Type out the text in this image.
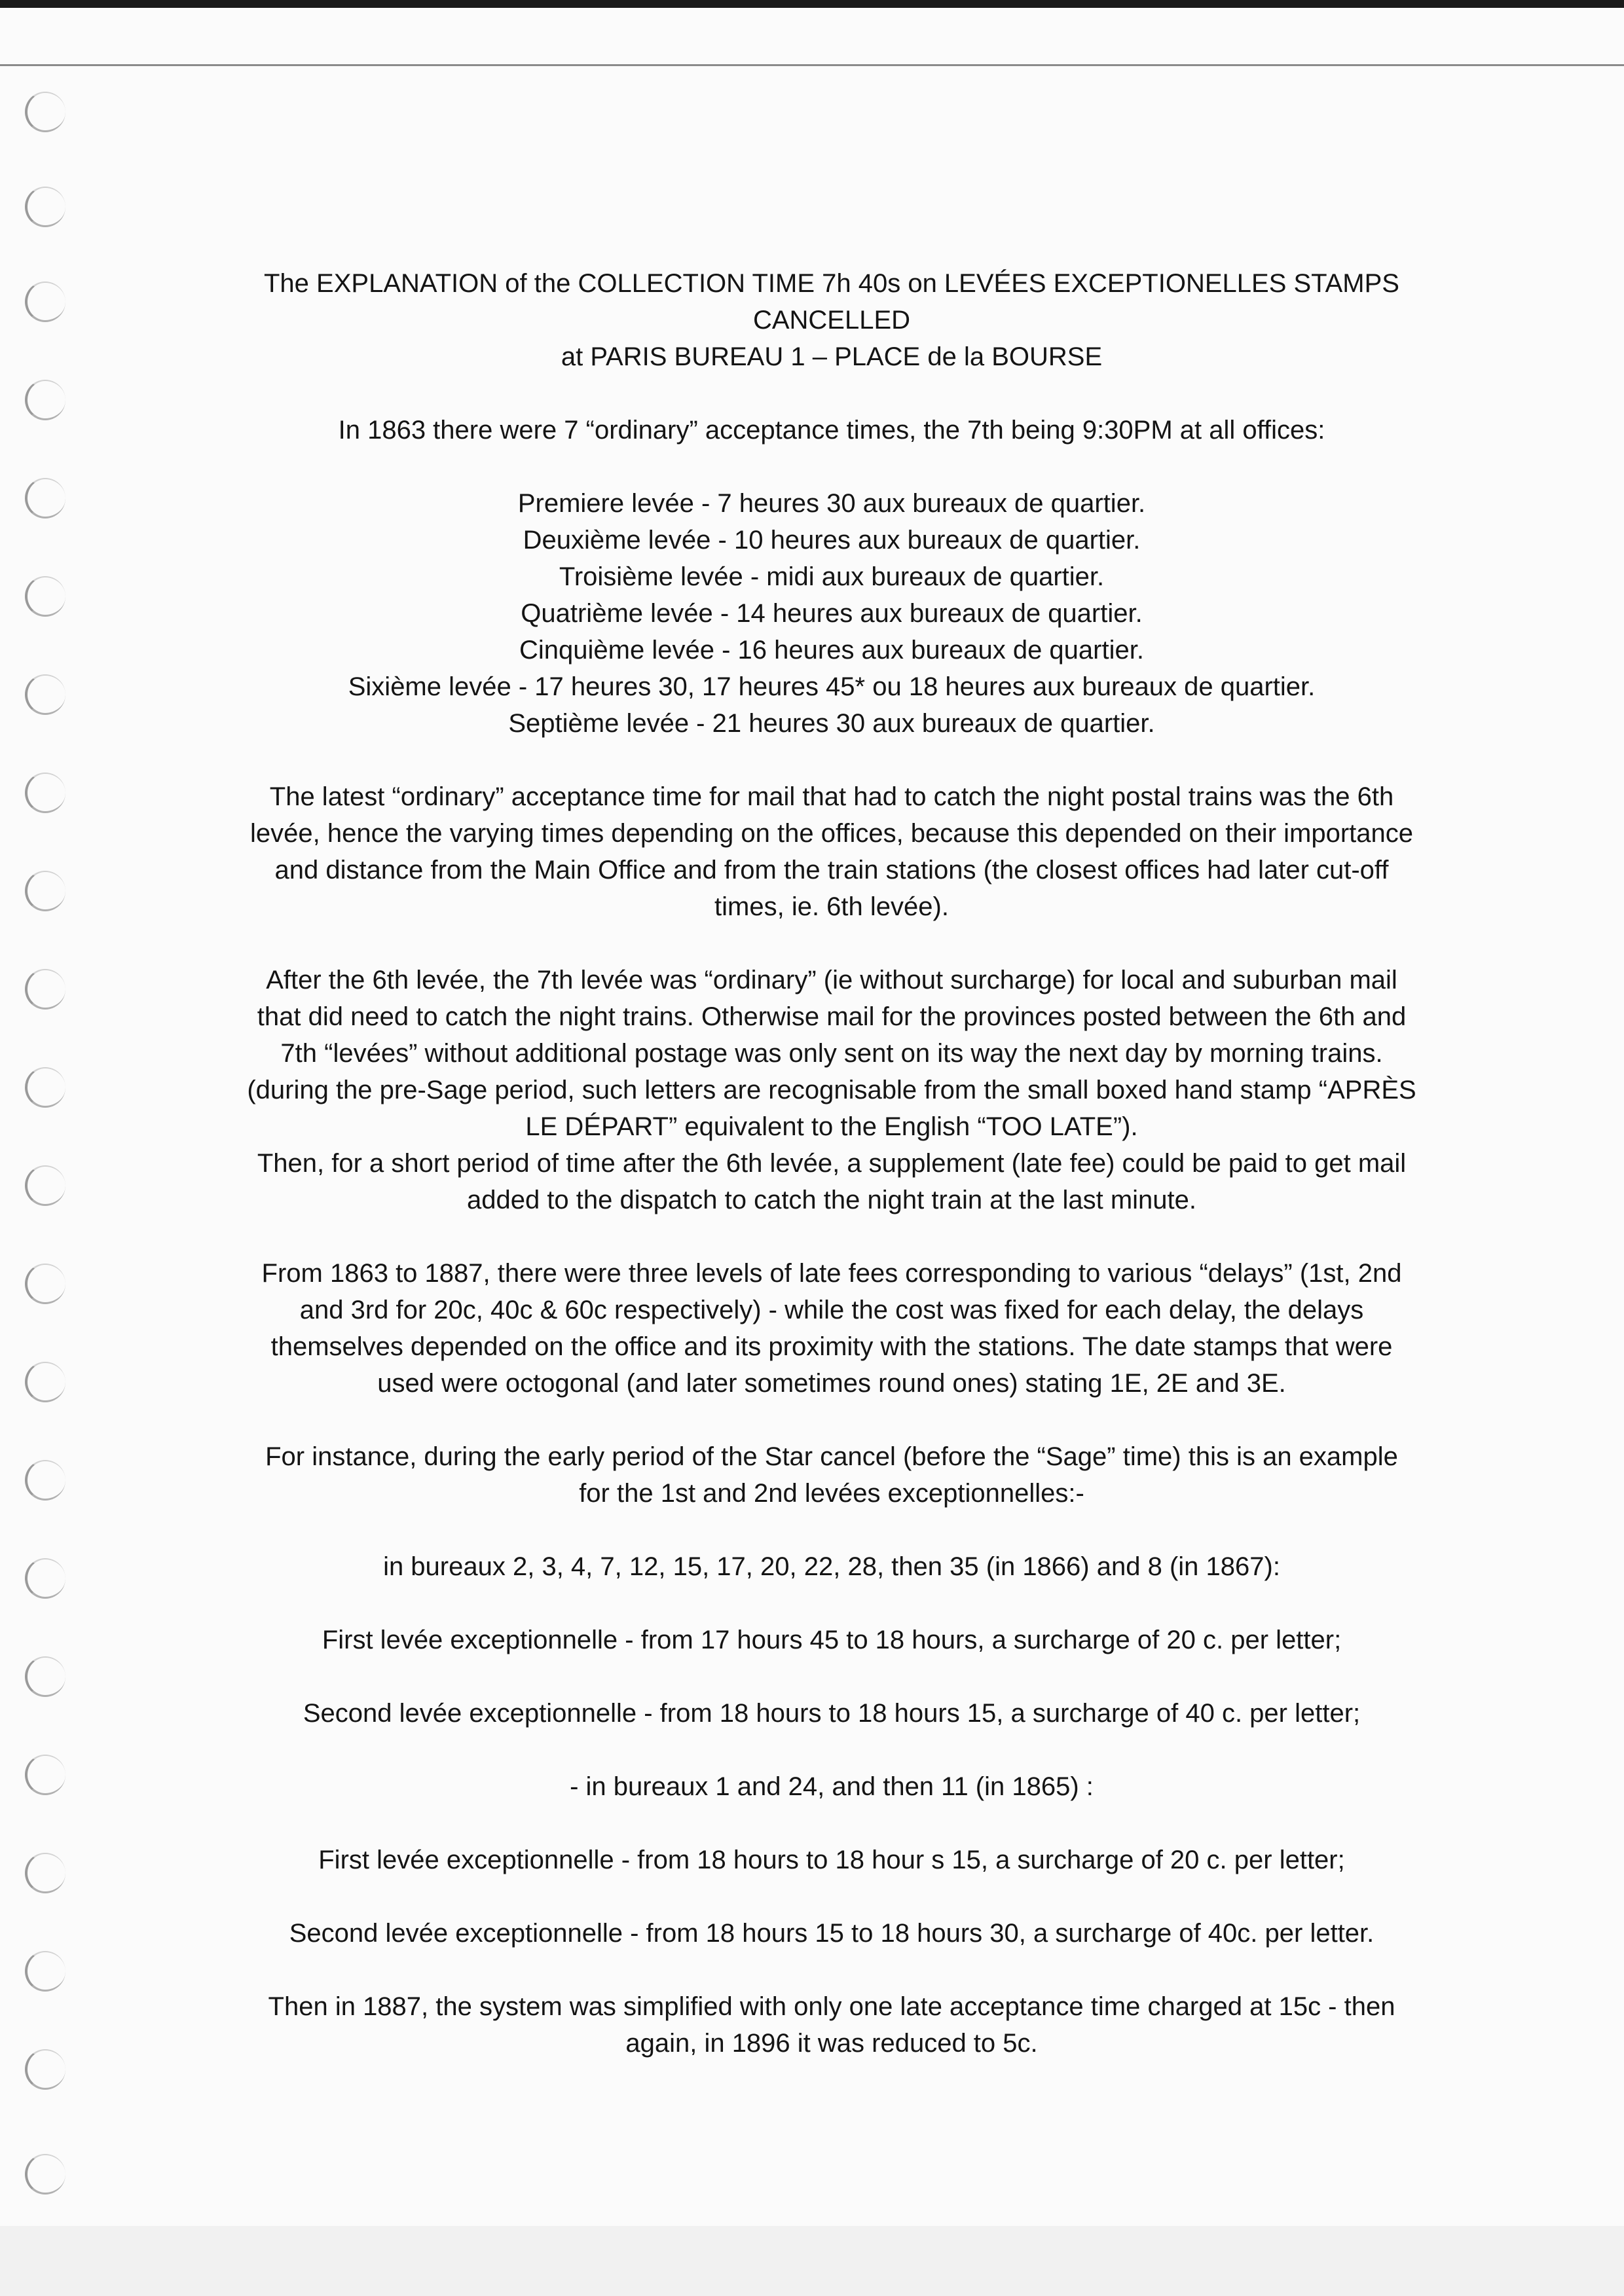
The EXPLANATION of the COLLECTION TIME 7h 40s on LEVÉES EXCEPTIONELLES STAMPS CANCELLED
at PARIS BUREAU 1 – PLACE de la BOURSE
In 1863 there were 7 “ordinary” acceptance times, the 7th being 9:30PM at all offices:
Premiere levée - 7 heures 30 aux bureaux de quartier.
Deuxième levée - 10 heures aux bureaux de quartier.
Troisième levée - midi aux bureaux de quartier.
Quatrième levée - 14 heures aux bureaux de quartier.
Cinquième levée - 16 heures aux bureaux de quartier.
Sixième levée - 17 heures 30, 17 heures 45* ou 18 heures aux bureaux de quartier.
Septième levée - 21 heures 30 aux bureaux de quartier.
The latest “ordinary” acceptance time for mail that had to catch the night postal trains was the 6th
levée, hence the varying times depending on the offices, because this depended on their importance
and distance from the Main Office and from the train stations (the closest offices had later cut-off
times, ie. 6th levée).
After the 6th levée, the 7th levée was “ordinary” (ie without surcharge) for local and suburban mail
that did need to catch the night trains. Otherwise mail for the provinces posted between the 6th and
7th “levées” without additional postage was only sent on its way the next day by morning trains.
(during the pre-Sage period, such letters are recognisable from the small boxed hand stamp “APRÈS
LE DÉPART” equivalent to the English “TOO LATE”).
Then, for a short period of time after the 6th levée, a supplement (late fee) could be paid to get mail
added to the dispatch to catch the night train at the last minute.
From 1863 to 1887, there were three levels of late fees corresponding to various “delays” (1st, 2nd
and 3rd for 20c, 40c & 60c respectively) - while the cost was fixed for each delay, the delays
themselves depended on the office and its proximity with the stations. The date stamps that were
used were octogonal (and later sometimes round ones) stating 1E, 2E and 3E.
For instance, during the early period of the Star cancel (before the “Sage” time) this is an example
for the 1st and 2nd levées exceptionnelles:-
in bureaux 2, 3, 4, 7, 12, 15, 17, 20, 22, 28, then 35 (in 1866) and 8 (in 1867):
First levée exceptionnelle - from 17 hours 45 to 18 hours, a surcharge of 20 c. per letter;
Second levée exceptionnelle - from 18 hours to 18 hours 15, a surcharge of 40 c. per letter;
- in bureaux 1 and 24, and then 11 (in 1865) :
First levée exceptionnelle - from 18 hours to 18 hour s 15, a surcharge of 20 c. per letter;
Second levée exceptionnelle - from 18 hours 15 to 18 hours 30, a surcharge of 40c. per letter.
Then in 1887, the system was simplified with only one late acceptance time charged at 15c - then
again, in 1896 it was reduced to 5c.
